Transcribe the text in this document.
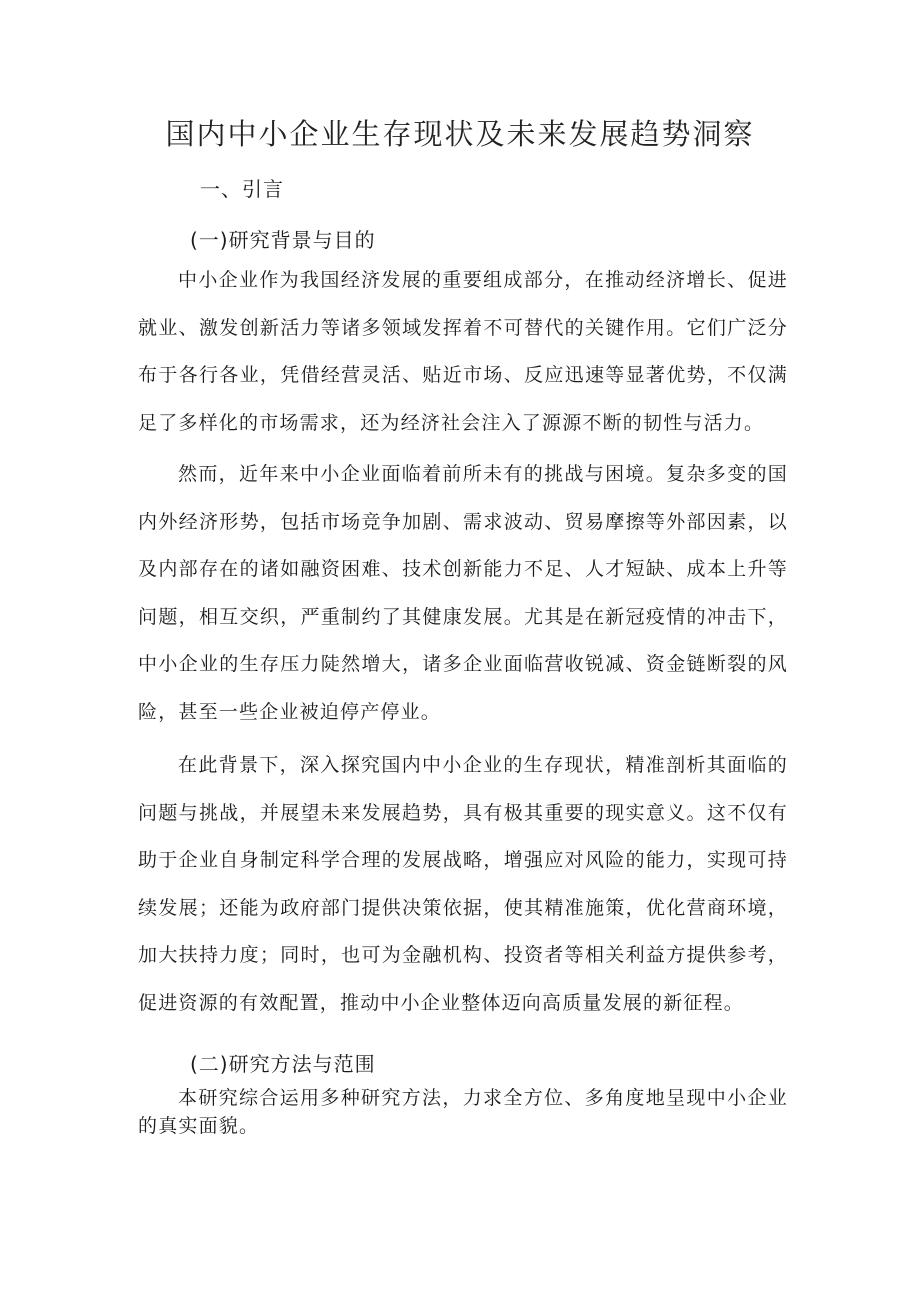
国内中小企业生存现状及未来发展趋势洞察
一、引言
(一)研究背景与目的

中小企业作为我国经济发展的重要组成部分，在推动经济增长、促进就业、激发创新活力等诸多领域发挥着不可替代的关键作用。它们广泛分布于各行各业，凭借经营灵活、贴近市场、反应迅速等显著优势，不仅满足了多样化的市场需求，还为经济社会注入了源源不断的韧性与活力。

然而，近年来中小企业面临着前所未有的挑战与困境。复杂多变的国内外经济形势，包括市场竞争加剧、需求波动、贸易摩擦等外部因素，以及内部存在的诸如融资困难、技术创新能力不足、人才短缺、成本上升等问题，相互交织，严重制约了其健康发展。尤其是在新冠疫情的冲击下，中小企业的生存压力陡然增大，诸多企业面临营收锐减、资金链断裂的风险，甚至一些企业被迫停产停业。

在此背景下，深入探究国内中小企业的生存现状，精准剖析其面临的问题与挑战，并展望未来发展趋势，具有极其重要的现实意义。这不仅有助于企业自身制定科学合理的发展战略，增强应对风险的能力，实现可持续发展；还能为政府部门提供决策依据，使其精准施策，优化营商环境，加大扶持力度；同时，也可为金融机构、投资者等相关利益方提供参考，促进资源的有效配置，推动中小企业整体迈向高质量发展的新征程。

(二)研究方法与范围

本研究综合运用多种研究方法，力求全方位、多角度地呈现中小企业的真实面貌。
